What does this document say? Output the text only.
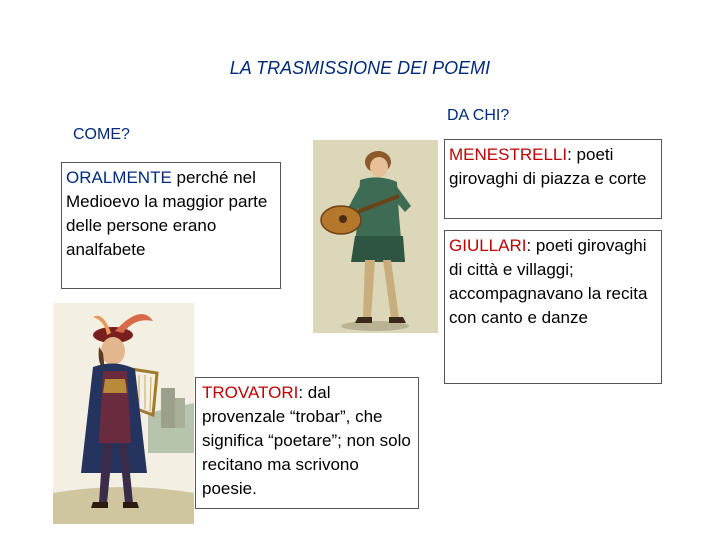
LA TRASMISSIONE DEI POEMI
DA CHI?
COME?
ORALMENTE perché nel Medioevo la maggior parte delle persone erano analfabete
MENESTRELLI: poeti girovaghi di piazza e corte
GIULLARI: poeti girovaghi di città e villaggi; accompagnavano la recita con canto e danze
TROVATORI: dal provenzale “trobar”, che significa “poetare”; non solo recitano ma scrivono poesie.
